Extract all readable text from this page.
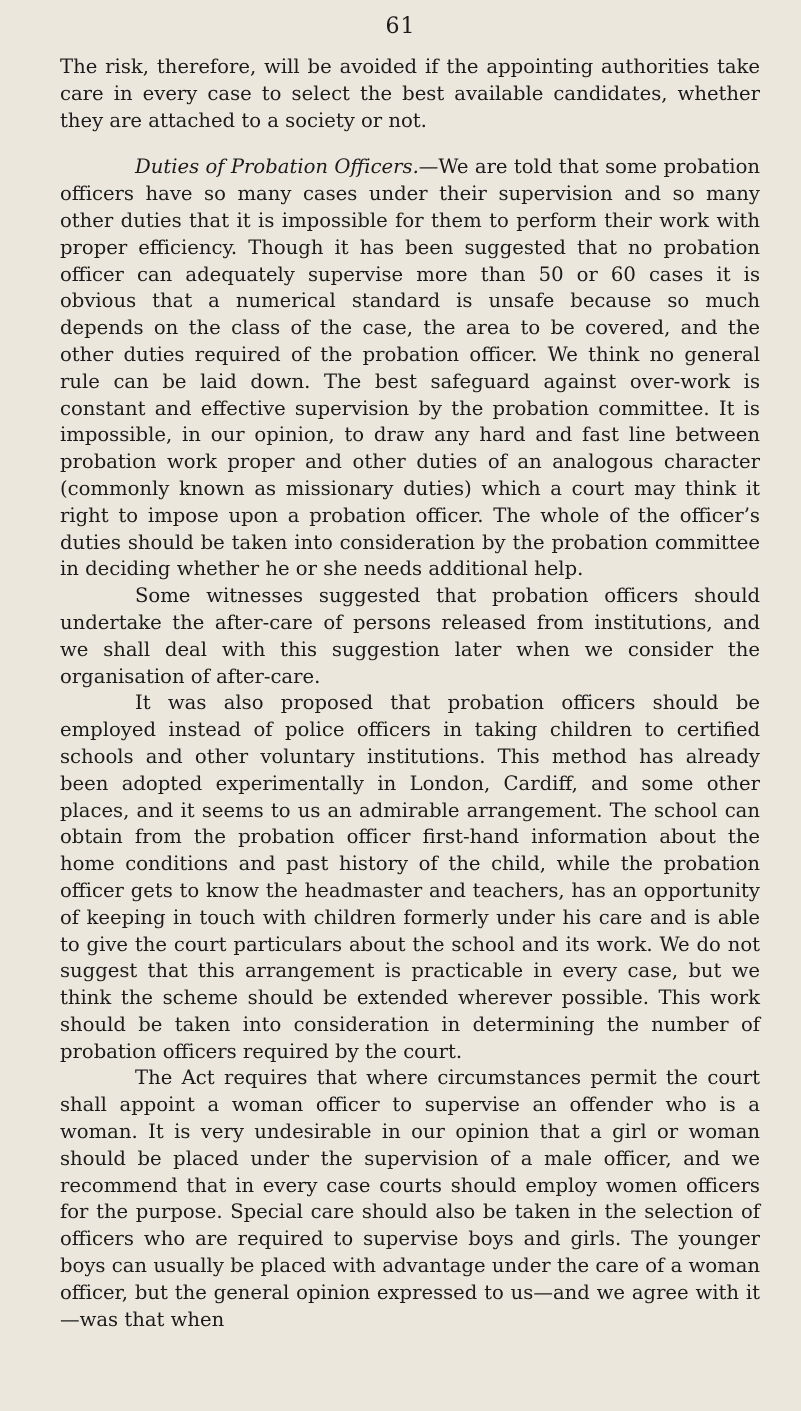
61

The risk, therefore, will be avoided if the appointing authorities take care in every case to select the best available candidates, whether they are attached to a society or not.

Duties of Probation Officers.—We are told that some probation officers have so many cases under their supervision and so many other duties that it is impossible for them to perform their work with proper efficiency. Though it has been suggested that no probation officer can adequately supervise more than 50 or 60 cases it is obvious that a numerical standard is unsafe because so much depends on the class of the case, the area to be covered, and the other duties required of the probation officer. We think no general rule can be laid down. The best safeguard against over-work is constant and effective supervision by the probation committee. It is impossible, in our opinion, to draw any hard and fast line between probation work proper and other duties of an analogous character (commonly known as missionary duties) which a court may think it right to impose upon a probation officer. The whole of the officer’s duties should be taken into consideration by the probation committee in deciding whether he or she needs additional help.

Some witnesses suggested that probation officers should undertake the after-care of persons released from institutions, and we shall deal with this suggestion later when we consider the organisation of after-care.

It was also proposed that probation officers should be employed instead of police officers in taking children to certified schools and other voluntary institutions. This method has already been adopted experimentally in London, Cardiff, and some other places, and it seems to us an admirable arrangement. The school can obtain from the probation officer first-hand information about the home conditions and past history of the child, while the probation officer gets to know the headmaster and teachers, has an opportunity of keeping in touch with children formerly under his care and is able to give the court particulars about the school and its work. We do not suggest that this arrangement is practicable in every case, but we think the scheme should be extended wherever possible. This work should be taken into consideration in determining the number of probation officers required by the court.

The Act requires that where circumstances permit the court shall appoint a woman officer to supervise an offender who is a woman. It is very undesirable in our opinion that a girl or woman should be placed under the supervision of a male officer, and we recommend that in every case courts should employ women officers for the purpose. Special care should also be taken in the selection of officers who are required to supervise boys and girls. The younger boys can usually be placed with advantage under the care of a woman officer, but the general opinion expressed to us—and we agree with it—was that when
